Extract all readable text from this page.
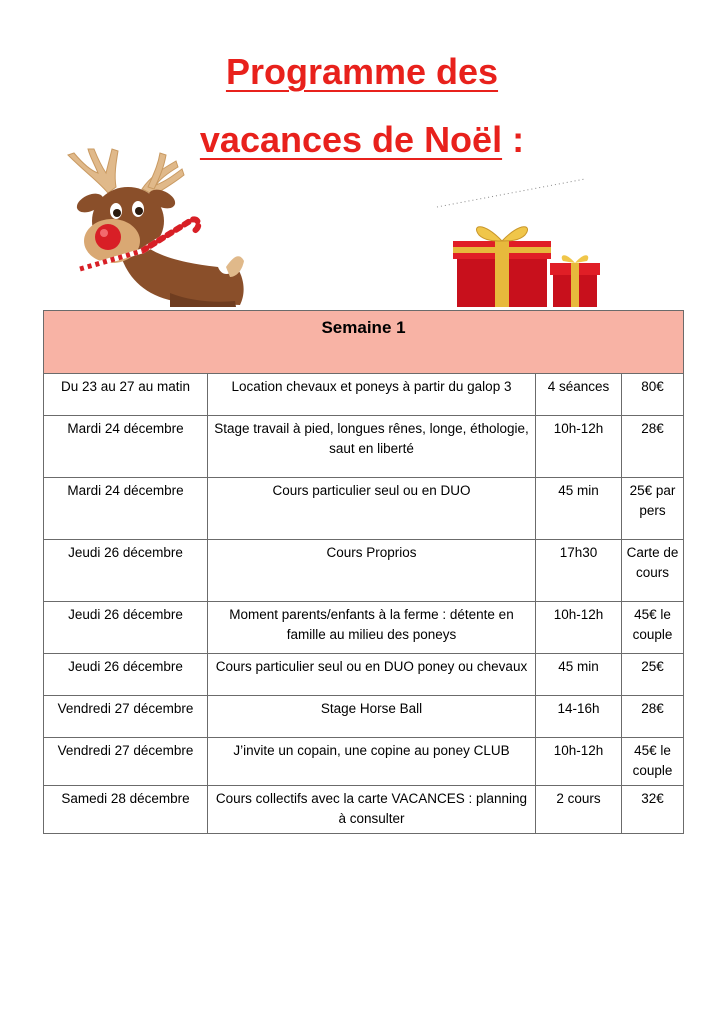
Programme des
vacances de Noël :
Semaine 1			
Du 23 au 27 au matin	Location chevaux et poneys à partir du galop 3	4 séances	80€
Mardi 24 décembre	Stage travail à pied, longues rênes, longe, éthologie, saut en liberté	10h-12h	28€
Mardi 24 décembre	Cours particulier seul ou en DUO	45 min	25€ par pers
Jeudi 26 décembre	Cours Proprios	17h30	Carte de cours
Jeudi 26 décembre	Moment parents/enfants à la ferme : détente en famille au milieu des poneys	10h-12h	45€ le couple
Jeudi 26 décembre	Cours particulier seul ou en DUO poney ou chevaux	45 min	25€
Vendredi 27 décembre	Stage Horse Ball	14-16h	28€
Vendredi 27 décembre	J’invite un copain, une copine au poney CLUB	10h-12h	45€ le couple
Samedi 28 décembre	Cours collectifs avec la carte VACANCES : planning à consulter	2 cours	32€
